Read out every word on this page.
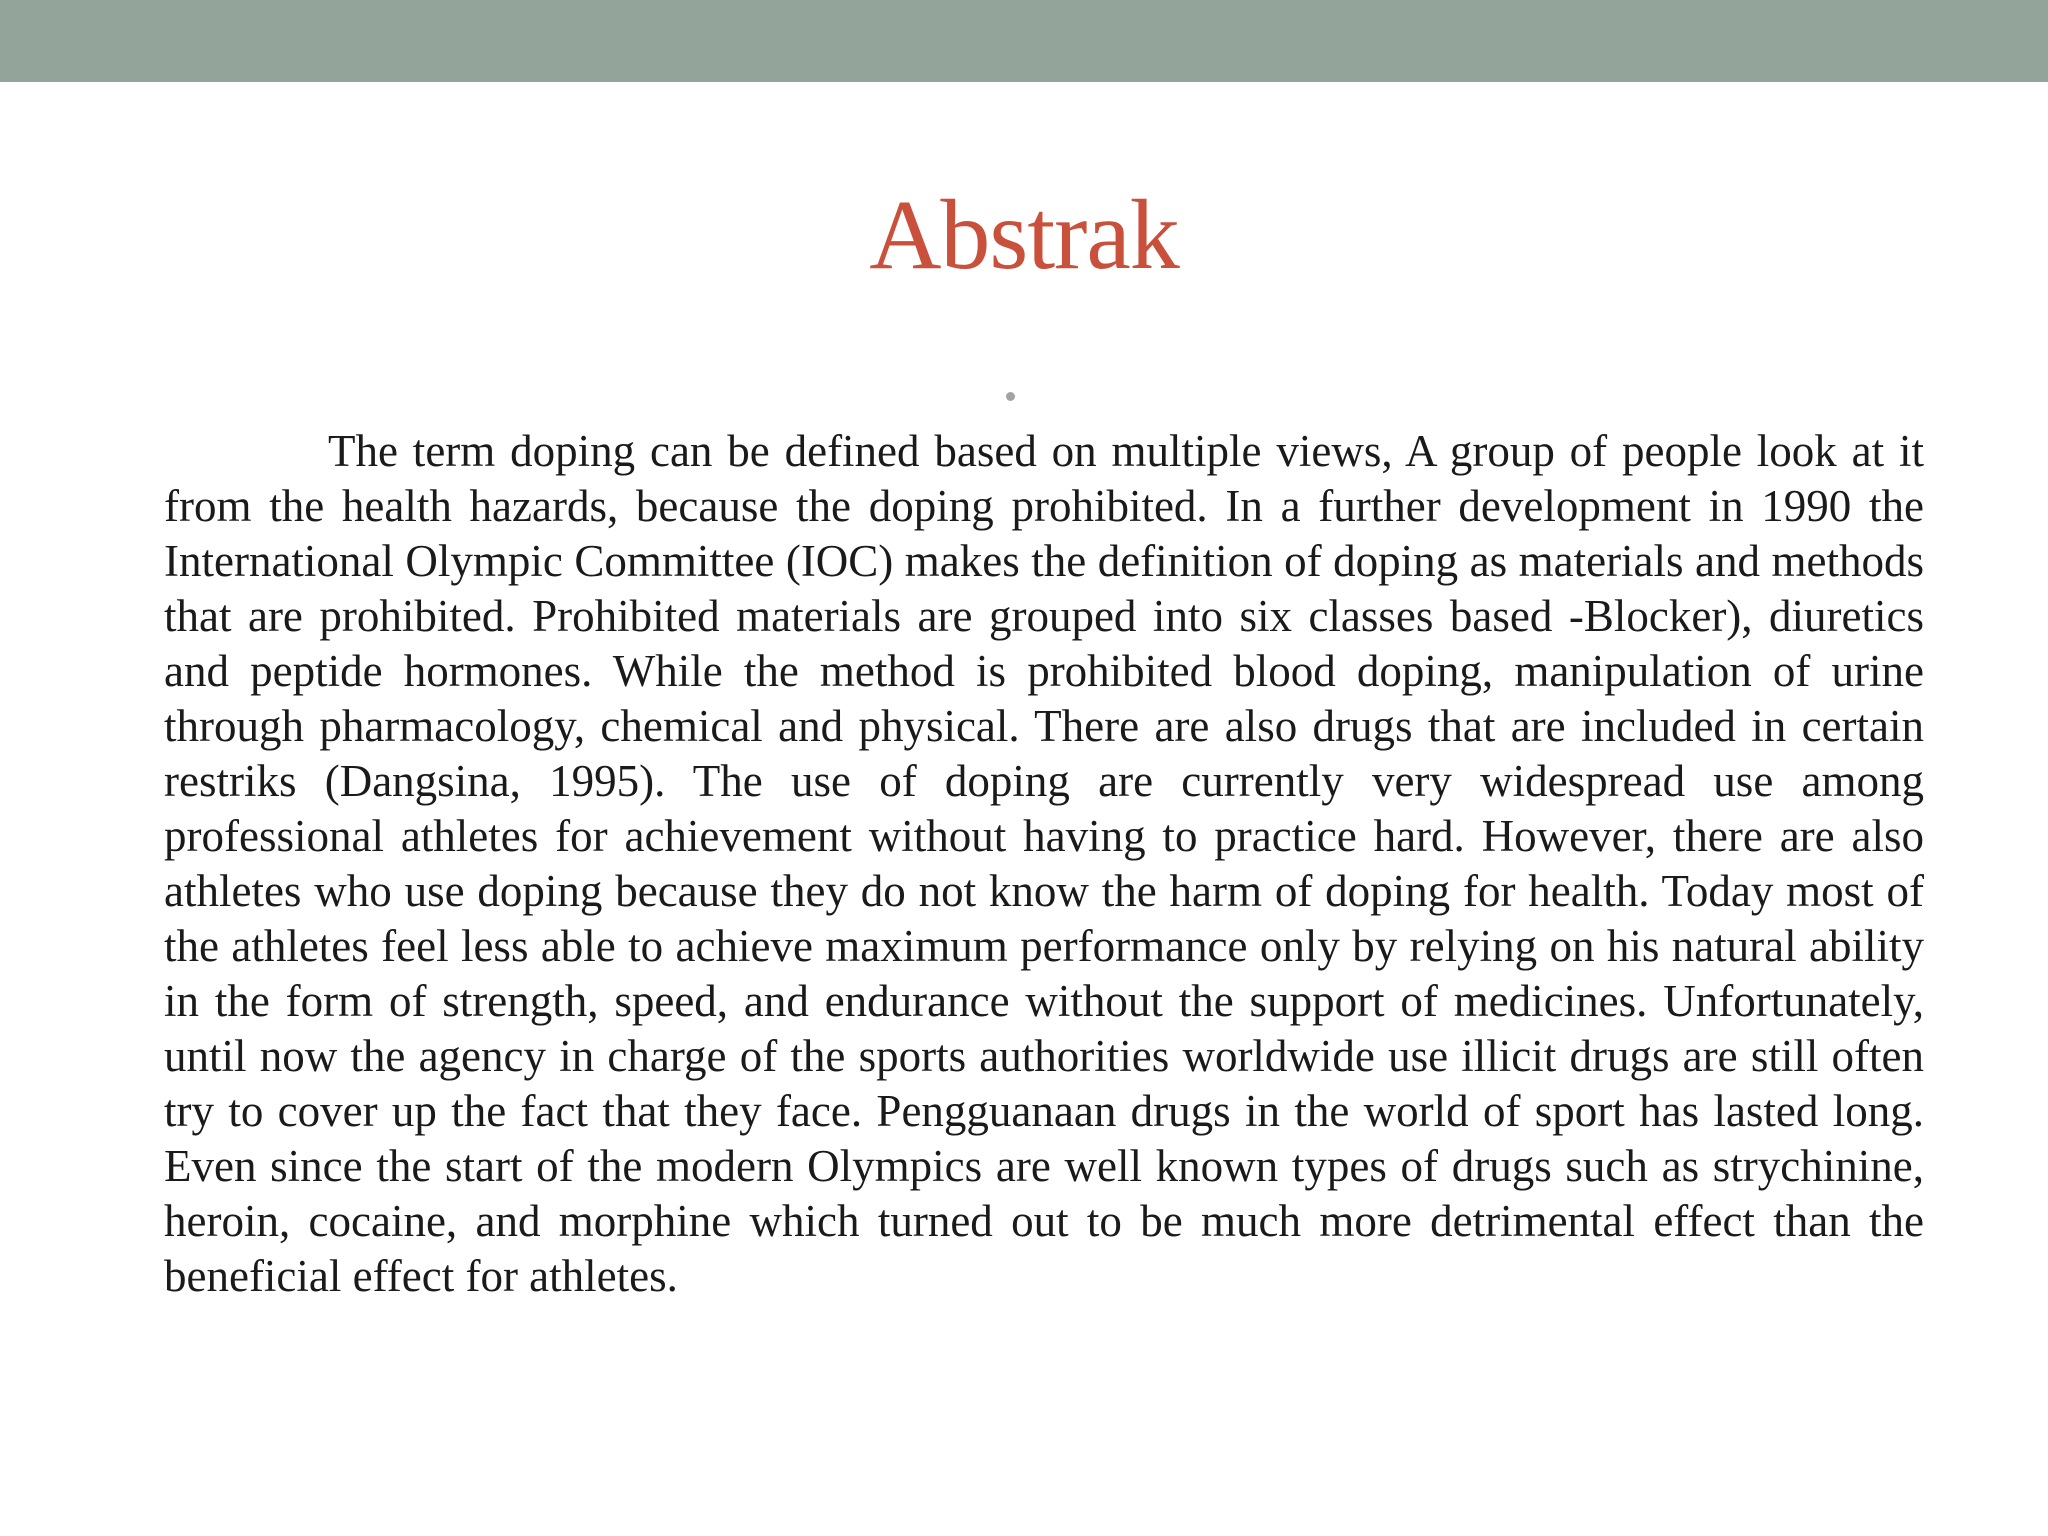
Abstrak

The term doping can be defined based on multiple views, A group of people look at it from the health hazards, because the doping prohibited. In a further development in 1990 the International Olympic Committee (IOC) makes the definition of doping as materials and methods that are prohibited. Prohibited materials are grouped into six classes based -Blocker), diuretics and peptide hormones. While the method is prohibited blood doping, manipulation of urine through pharmacology, chemical and physical. There are also drugs that are included in certain restriks (Dangsina, 1995). The use of doping are currently very widespread use among professional athletes for achievement without having to practice hard. However, there are also athletes who use doping because they do not know the harm of doping for health. Today most of the athletes feel less able to achieve maximum performance only by relying on his natural ability in the form of strength, speed, and endurance without the support of medicines. Unfortunately, until now the agency in charge of the sports authorities worldwide use illicit drugs are still often try to cover up the fact that they face. Pengguanaan drugs in the world of sport has lasted long. Even since the start of the modern Olympics are well known types of drugs such as strychinine, heroin, cocaine, and morphine which turned out to be much more detrimental effect than the beneficial effect for athletes.
